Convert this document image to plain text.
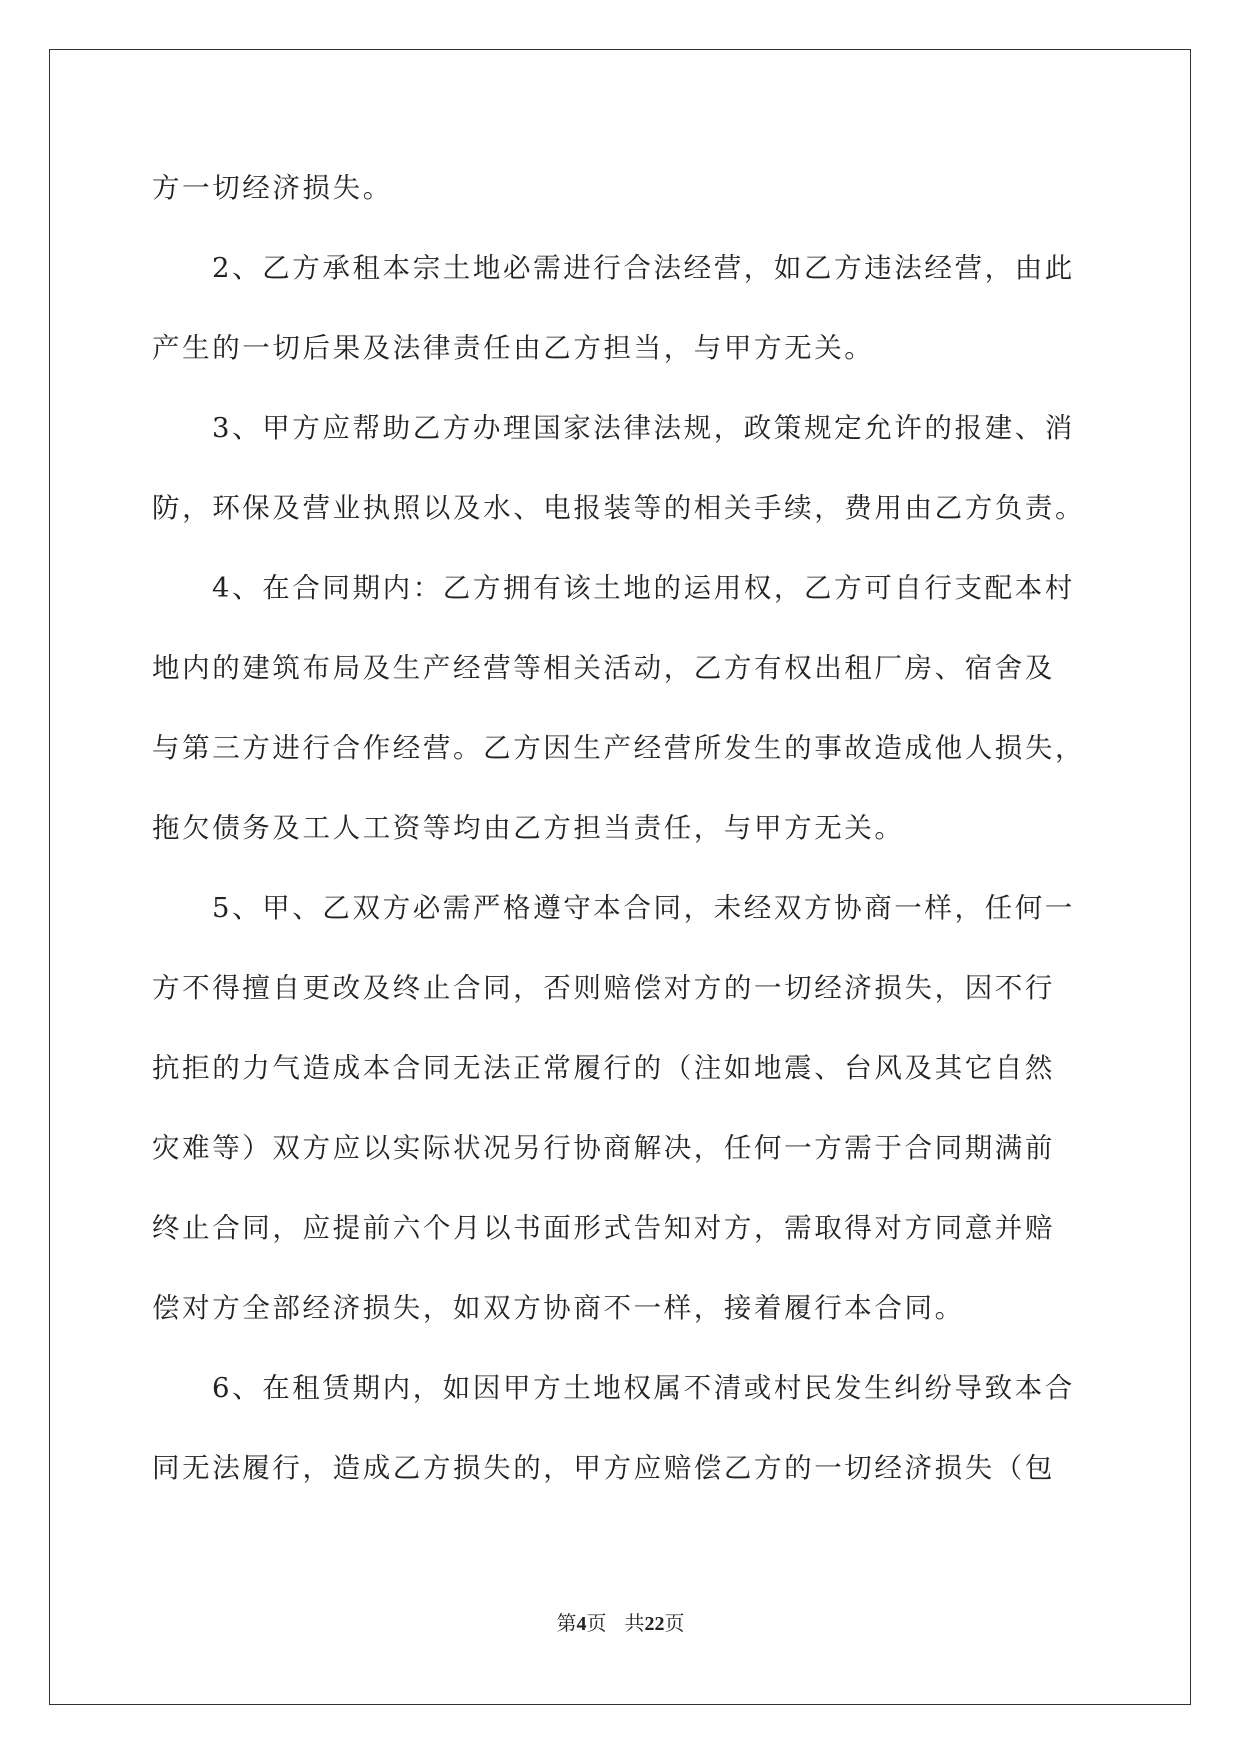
方一切经济损失。
2、乙方承租本宗土地必需进行合法经营，如乙方违法经营，由此
产生的一切后果及法律责任由乙方担当，与甲方无关。
3、甲方应帮助乙方办理国家法律法规，政策规定允许的报建、消
防，环保及营业执照以及水、电报装等的相关手续，费用由乙方负责。
4、在合同期内：乙方拥有该土地的运用权，乙方可自行支配本村
地内的建筑布局及生产经营等相关活动，乙方有权出租厂房、宿舍及
与第三方进行合作经营。乙方因生产经营所发生的事故造成他人损失，
拖欠债务及工人工资等均由乙方担当责任，与甲方无关。
5、甲、乙双方必需严格遵守本合同，未经双方协商一样，任何一
方不得擅自更改及终止合同，否则赔偿对方的一切经济损失，因不行
抗拒的力气造成本合同无法正常履行的（注如地震、台风及其它自然
灾难等）双方应以实际状况另行协商解决，任何一方需于合同期满前
终止合同，应提前六个月以书面形式告知对方，需取得对方同意并赔
偿对方全部经济损失，如双方协商不一样，接着履行本合同。
6、在租赁期内，如因甲方土地权属不清或村民发生纠纷导致本合
同无法履行，造成乙方损失的，甲方应赔偿乙方的一切经济损失（包
第4页 共22页
